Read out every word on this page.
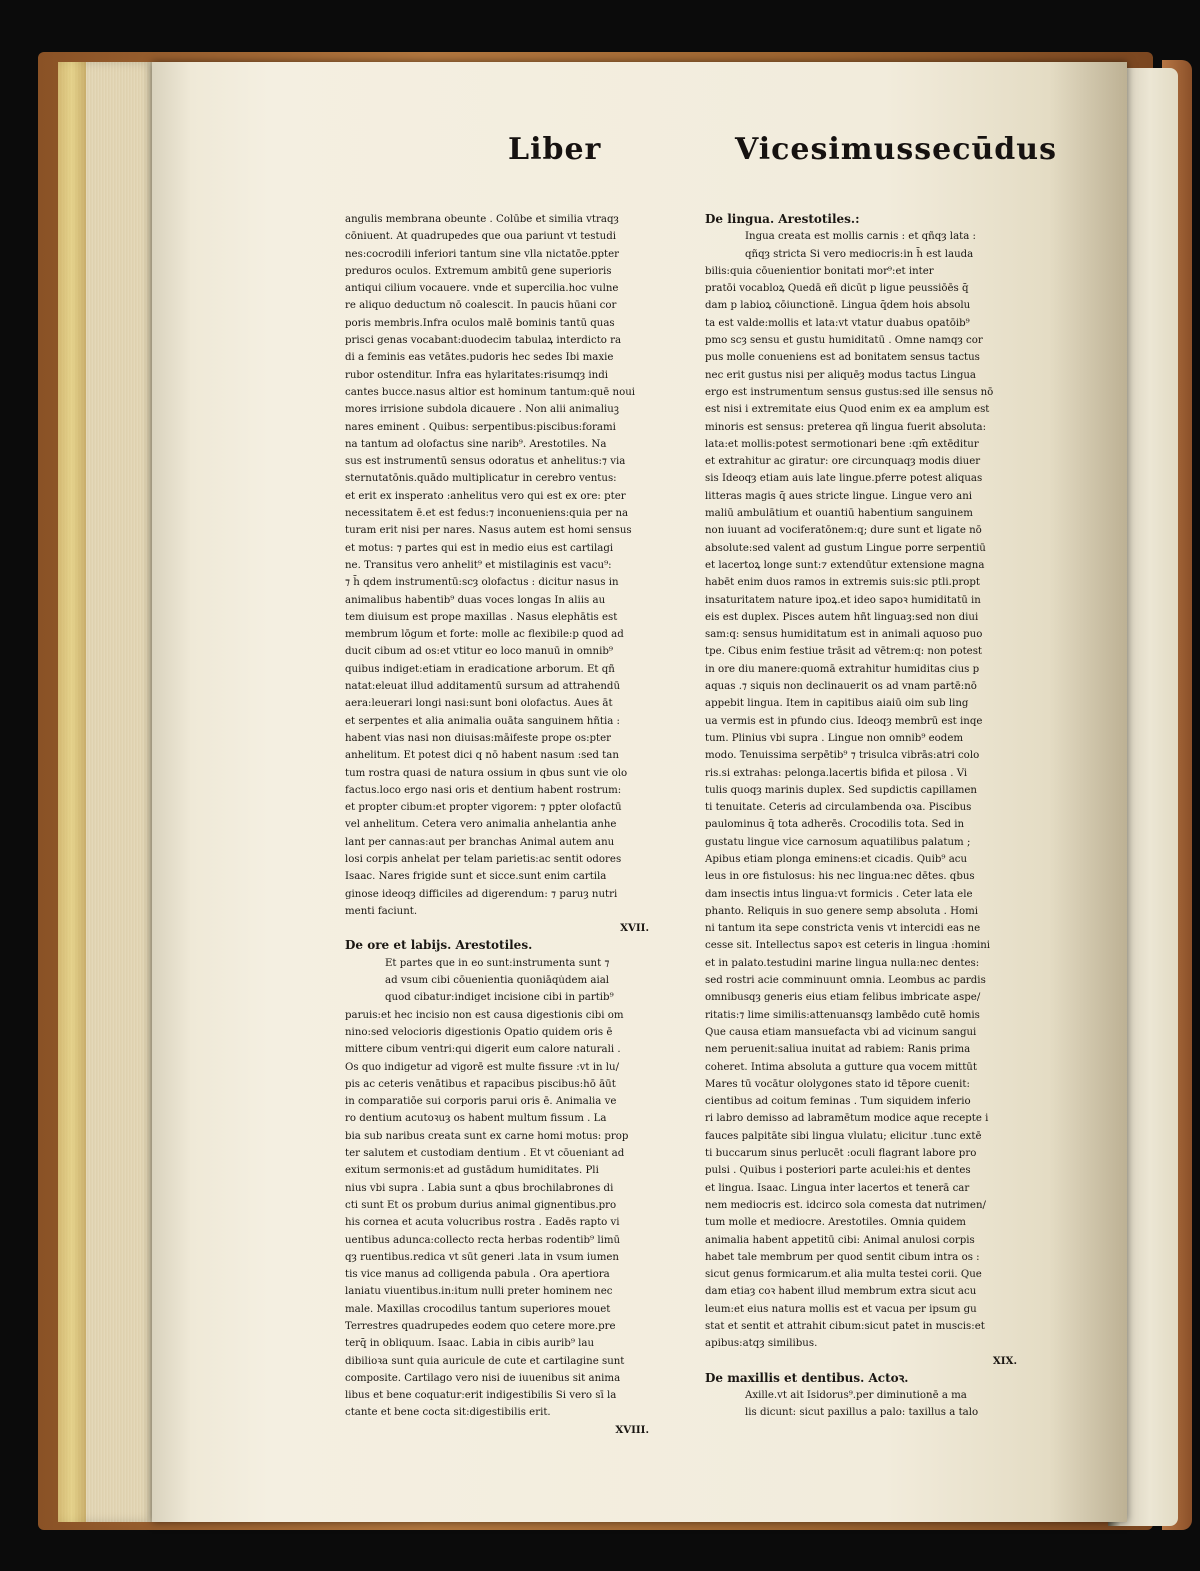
Liber	Vicesimussecūdus
angulis membrana obeunte . Colūbe et similia vtraqȝ
cōniuent. At quadrupedes que oua pariunt vt testudi
nes:cocrodili inferiori tantum sine vlla nictatōe.ppter
preduros oculos. Extremum ambitū gene superioris
antiqui cilium vocauere. vnde et supercilia.hoc vulne
re aliquo deductum nō coalescit. In paucis hūani cor
poris membris.Infra oculos malē bominis tantū quas
prisci genas vocabant:duodecim tabulaꝝ interdicto ra
di a feminis eas vetātes.pudoris hec sedes Ibi maxie
rubor ostenditur. Infra eas hylaritates:risumqȝ indi
cantes bucce.nasus altior est hominum tantum:quē noui
mores irrisione subdola dicauere . Non alii animaliuꝫ
nares eminent . Quibus: serpentibus:piscibus:forami
na tantum ad olofactus sine narib⁹. Arestotiles. Na
sus est instrumentū sensus odoratus et anhelitus:⁊ via
sternutatōnis.quādo multiplicatur in cerebro ventus:
et erit ex insperato :anhelitus vero qui est ex ore: pter
necessitatem ē.et est fedus:⁊ inconueniens:quia per na
turam erit nisi per nares. Nasus autem est homi sensus
et motus: ⁊ partes qui est in medio eius est cartilagi
ne. Transitus vero anhelit⁹ et mistilaginis est vacu⁹:
⁊ h̄ qdem instrumentū:scȝ olofactus : dicitur nasus in
animalibus habentib⁹ duas voces longas In aliis au
tem diuisum est prope maxillas . Nasus elephātis est
membrum lōgum et forte: molle ac flexibile:p quod ad
ducit cibum ad os:et vtitur eo loco manuū in omnib⁹
quibus indiget:etiam in eradicatione arborum. Et qñ
natat:eleuat illud additamentū sursum ad attrahendū
aera:leuerari longi nasi:sunt boni olofactus. Aues āt
et serpentes et alia animalia ouāta sanguinem hñtia :
habent vias nasi non diuisas:māifeste prope os:pter
anhelitum. Et potest dici q nō habent nasum :sed tan
tum rostra quasi de natura ossium in qbus sunt vie olo
factus.loco ergo nasi oris et dentium habent rostrum:
et propter cibum:et propter vigorem: ⁊ ppter olofactū
vel anhelitum. Cetera vero animalia anhelantia anhe
lant per cannas:aut per branchas Animal autem anu
losi corpis anhelat per telam parietis:ac sentit odores
Isaac. Nares frigide sunt et sicce.sunt enim cartila
ginose ideoqȝ difficiles ad digerendum: ⁊ paruȝ nutri
menti faciunt.
XVII.
De ore et labijs. Arestotiles.
Et partes que in eo sunt:instrumenta sunt ⁊
ad vsum cibi cōuenientia quoniāqu̇dem aial
quod cibatur:indiget incisione cibi in partib⁹
paruis:et hec incisio non est causa digestionis cibi om
nino:sed velocioris digestionis Opatio quidem oris ē
mittere cibum ventri:qui digerit eum calore naturali .
Os quo indigetur ad vigorē est multe fissure :vt in lu/
pis ac ceteris venātibus et rapacibus piscibus:hō āūt
in comparatiōe sui corporis parui oris ē. Animalia ve
ro dentium acutoꝛuȝ os habent multum fissum . La
bia sub naribus creata sunt ex carne homi motus: prop
ter salutem et custodiam dentium . Et vt cōueniant ad
exitum sermonis:et ad gustādum humiditates. Pli
nius vbi supra . Labia sunt a qbus brochilabrones di
cti sunt Et os probum durius animal gignentibus.pro
his cornea et acuta volucribus rostra . Eadēs rapto vi
uentibus adunca:collecto recta herbas rodentib⁹ limū
qȝ ruentibus.redica vt sūt generi .lata in vsum iumen
tis vice manus ad colligenda pabula . Ora apertiora
laniatu viuentibus.in:itum nulli preter hominem nec
male. Maxillas crocodilus tantum superiores mouet
Terrestres quadrupedes eodem quo cetere more.pre
terq̄ in obliquum. Isaac. Labia in cibis aurib⁹ lau
dibilioꝛa sunt quia auricule de cute et cartilagine sunt
composite. Cartilago vero nisi de iuuenibus sit anima
libus et bene coquatur:erit indigestibilis Si vero sī la
ctante et bene cocta sit:digestibilis erit.
XVIII.
De lingua. Arestotiles.:
Ingua creata est mollis carnis : et qñqȝ lata :
qñqȝ stricta Si vero mediocris:in h̄ est lauda
bilis:quia cōuenientior bonitati mor⁹:et inter
pratōi vocabloꝝ Quedā eñ dicūt p ligue peussiōēs q̄
dam p labioꝝ cōiunctionē. Lingua q̄dem hois absolu
ta est valde:mollis et lata:vt vtatur duabus opatōib⁹
pmo scȝ sensu et gustu humiditatū . Omne namqȝ cor
pus molle conueniens est ad bonitatem sensus tactus
nec erit gustus nisi per aliquēȝ modus tactus Lingua
ergo est instrumentum sensus gustus:sed ille sensus nō
est nisi i extremitate eius Quod enim ex ea amplum est
minoris est sensus: preterea qñ lingua fuerit absoluta:
lata:et mollis:potest sermotionari bene :qm̄ extēditur
et extrahitur ac giratur: ore circunquaqȝ modis diuer
sis Ideoqȝ etiam auis late lingue.pferre potest aliquas
litteras magis q̄ aues stricte lingue. Lingue vero ani
maliū ambulātium et ouantiū habentium sanguinem
non iuuant ad vociferatōnem:q; dure sunt et ligate nō
absolute:sed valent ad gustum Lingue porre serpentiū
et lacertoꝝ longe sunt:⁊ extendūtur extensione magna
habēt enim duos ramos in extremis suis:sic ptli.propt
insaturitatem nature ipoꝝ.et ideo sapoꝛ humiditatū in
eis est duplex. Pisces autem hñt linguaȝ:sed non diui
sam:q: sensus humiditatum est in animali aquoso puo
tpe. Cibus enim festiue trāsit ad vētrem:q: non potest
in ore diu manere:quomā extrahitur humiditas cius p
aquas .⁊ siquis non declinauerit os ad vnam partē:nō
appebit lingua. Item in capitibus aiaiū oim sub ling
ua vermis est in pfundo cius. Ideoqȝ membrū est inqe
tum. Plinius vbi supra . Lingue non omnib⁹ eodem
modo. Tenuissima serpētib⁹ ⁊ trisulca vibrās:atri colo
ris.si extrahas: pelonga.lacertis bifida et pilosa . Vi
tulis quoqȝ marinis duplex. Sed supdictis capillamen
ti tenuitate. Ceteris ad circulambenda oꝛa. Piscibus
paulominus q̄ tota adherēs. Crocodilis tota. Sed in
gustatu lingue vice carnosum aquatilibus palatum ;
Apibus etiam plonga eminens:et cicadis. Quib⁹ acu
leus in ore fistulosus: his nec lingua:nec dētes. qbus
dam insectis intus lingua:vt formicis . Ceter lata ele
phanto. Reliquis in suo genere semp absoluta . Homi
ni tantum ita sepe constricta venis vt intercidi eas ne
cesse sit. Intellectus sapoꝛ est ceteris in lingua :homini
et in palato.testudini marine lingua nulla:nec dentes:
sed rostri acie comminuunt omnia. Leombus ac pardis
omnibusqȝ generis eius etiam felibus imbricate aspe/
ritatis:⁊ lime similis:attenuansqȝ lambēdo cutē homis
Que causa etiam mansuefacta vbi ad vicinum sangui
nem peruenit:saliua inuitat ad rabiem: Ranis prima
coheret. Intima absoluta a gutture qua vocem mittūt
Mares tū vocātur ololygones stato id tēpore cuenit:
cientibus ad coitum feminas . Tum siquidem inferio
ri labro demisso ad labramētum modice aque recepte i
fauces palpitāte sibi lingua vlulatu; elicitur .tunc extē
ti buccarum sinus perlucēt :oculi flagrant labore pro
pulsi . Quibus i posteriori parte aculei:his et dentes
et lingua. Isaac. Lingua inter lacertos et tenerā car
nem mediocris est. idcirco sola comesta dat nutrimen/
tum molle et mediocre. Arestotiles. Omnia quidem
animalia habent appetitū cibi: Animal anulosi corpis
habet tale membrum per quod sentit cibum intra os :
sicut genus formicarum.et alia multa testei corii. Que
dam etiaȝ coꝛ habent illud membrum extra sicut acu
leum:et eius natura mollis est et vacua per ipsum gu
stat et sentit et attrahit cibum:sicut patet in muscis:et
apibus:atqȝ similibus.
XIX.
De maxillis et dentibus. Actoꝛ.
Axille.vt ait Isidorus⁹.per diminutionē a ma
lis dicunt: sicut paxillus a palo: taxillus a talo
